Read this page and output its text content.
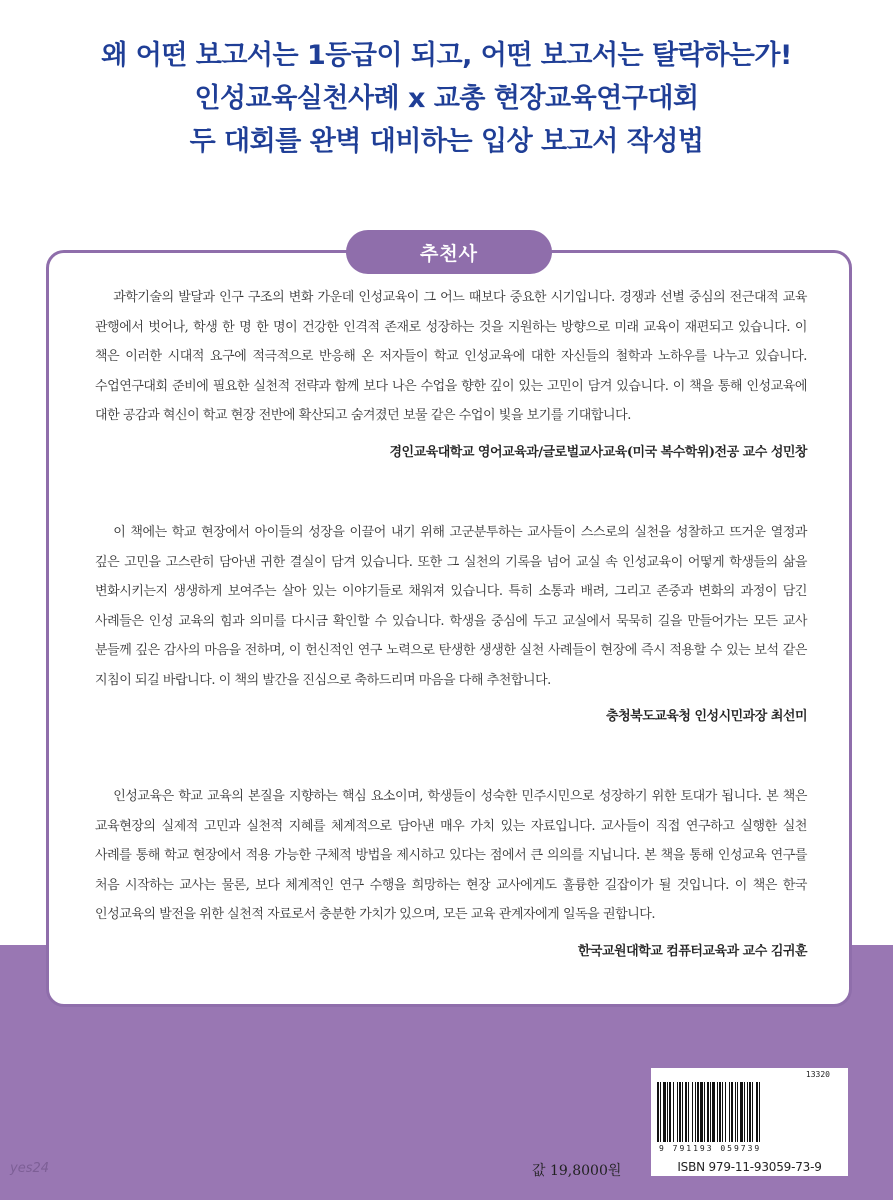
왜 어떤 보고서는 1등급이 되고, 어떤 보고서는 탈락하는가!
인성교육실천사례 x 교총 현장교육연구대회
두 대회를 완벽 대비하는 입상 보고서 작성법
추천사

과학기술의 발달과 인구 구조의 변화 가운데 인성교육이 그 어느 때보다 중요한 시기입니다. 경쟁과 선별 중심의 전근대적 교육 관행에서 벗어나, 학생 한 명 한 명이 건강한 인격적 존재로 성장하는 것을 지원하는 방향으로 미래 교육이 재편되고 있습니다. 이 책은 이러한 시대적 요구에 적극적으로 반응해 온 저자들이 학교 인성교육에 대한 자신들의 철학과 노하우를 나누고 있습니다. 수업연구대회 준비에 필요한 실천적 전략과 함께 보다 나은 수업을 향한 깊이 있는 고민이 담겨 있습니다. 이 책을 통해 인성교육에 대한 공감과 혁신이 학교 현장 전반에 확산되고 숨겨졌던 보물 같은 수업이 빛을 보기를 기대합니다.

경인교육대학교 영어교육과/글로벌교사교육(미국 복수학위)전공 교수 성민창

이 책에는 학교 현장에서 아이들의 성장을 이끌어 내기 위해 고군분투하는 교사들이 스스로의 실천을 성찰하고 뜨거운 열정과 깊은 고민을 고스란히 담아낸 귀한 결실이 담겨 있습니다. 또한 그 실천의 기록을 넘어 교실 속 인성교육이 어떻게 학생들의 삶을 변화시키는지 생생하게 보여주는 살아 있는 이야기들로 채워져 있습니다. 특히 소통과 배려, 그리고 존중과 변화의 과정이 담긴 사례들은 인성 교육의 힘과 의미를 다시금 확인할 수 있습니다. 학생을 중심에 두고 교실에서 묵묵히 길을 만들어가는 모든 교사 분들께 깊은 감사의 마음을 전하며, 이 헌신적인 연구 노력으로 탄생한 생생한 실천 사례들이 현장에 즉시 적용할 수 있는 보석 같은 지침이 되길 바랍니다. 이 책의 발간을 진심으로 축하드리며 마음을 다해 추천합니다.

충청북도교육청 인성시민과장 최선미

인성교육은 학교 교육의 본질을 지향하는 핵심 요소이며, 학생들이 성숙한 민주시민으로 성장하기 위한 토대가 됩니다. 본 책은 교육현장의 실제적 고민과 실천적 지혜를 체계적으로 담아낸 매우 가치 있는 자료입니다. 교사들이 직접 연구하고 실행한 실천 사례를 통해 학교 현장에서 적용 가능한 구체적 방법을 제시하고 있다는 점에서 큰 의의를 지닙니다. 본 책을 통해 인성교육 연구를 처음 시작하는 교사는 물론, 보다 체계적인 연구 수행을 희망하는 현장 교사에게도 훌륭한 길잡이가 될 것입니다. 이 책은 한국 인성교육의 발전을 위한 실천적 자료로서 충분한 가치가 있으며, 모든 교육 관계자에게 일독을 권합니다.

한국교원대학교 컴퓨터교육과 교수 김귀훈
13320
9 791193 059739
ISBN 979-11-93059-73-9
값 19,8000원
yes24
